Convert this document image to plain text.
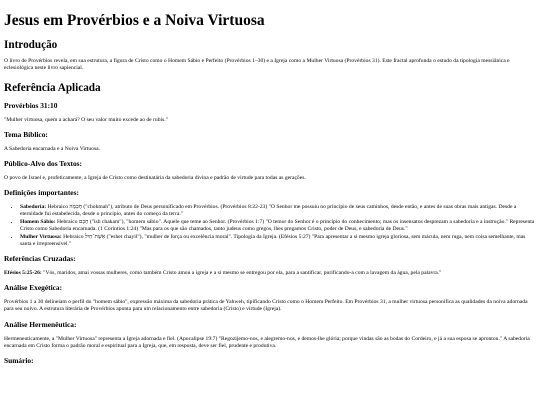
Jesus em Provérbios e a Noiva Virtuosa
Introdução

O livro de Provérbios revela, em sua estrutura, a figura de Cristo como o Homem Sábio e Perfeito (Provérbios 1–30) e a Igreja como a Mulher Virtuosa (Provérbios 31). Este fractal aprofunda o estudo da tipologia messiânica e eclesiológica neste livro sapiencial.

Referência Aplicada
Provérbios 31:10

"Mulher virtuosa, quem a achará? O seu valor muito excede ao de rubis."

Tema Bíblico:

A Sabedoria encarnada e a Noiva Virtuosa.

Público-Alvo dos Textos:

O povo de Israel e, profeticamente, a Igreja de Cristo como destinatária da sabedoria divina e padrão de virtude para todas as gerações.

Definições importantes:
• Sabedoria: Hebraico חָכְמָה ("chokmah"), atributo de Deus personificado em Provérbios. (Provérbios 8:22-23) "O Senhor me possuiu no princípio de seus caminhos, desde então, e antes de suas obras mais antigas. Desde a eternidade fui estabelecida, desde o princípio, antes do começo da terra."
• Homem Sábio: Hebraico חָכָם ("ish chakam"), "homem sábio". Aquele que teme ao Senhor. (Provérbios 1:7) "O temor do Senhor é o princípio do conhecimento; mas os insensatos desprezam a sabedoria e a instrução." Representa Cristo como Sabedoria encarnada. (1 Coríntios 1:24) "Mas para os que são chamados, tanto judeus como gregos, lhes pregamos Cristo, poder de Deus, e sabedoria de Deus."
• Mulher Virtuosa: Hebraico אֵשֶׁת־חַיִל ("eshet chayil"), "mulher de força ou excelência moral". Tipologia da Igreja. (Efésios 5:27) "Para apresentar a si mesmo igreja gloriosa, sem mácula, nem ruga, nem coisa semelhante, mas santa e irrepreensível."
Referências Cruzadas:

Efésios 5:25-26: "Vós, maridos, amai vossas mulheres, como também Cristo amou a igreja e a si mesmo se entregou por ela, para a santificar, purificando-a com a lavagem da água, pela palavra."

Análise Exegética:

Provérbios 1 a 30 delineiam o perfil do "homem sábio", expressão máxima da sabedoria prática de Yahweh, tipificando Cristo como o Homem Perfeito. Em Provérbios 31, a mulher virtuosa personifica as qualidades da noiva adornada para seu noivo. A estrutura literária de Provérbios aponta para um relacionamento entre sabedoria (Cristo) e virtude (Igreja).

Análise Hermenêutica:

Hermeneuticamente, a "Mulher Virtuosa" representa a Igreja adornada e fiel. (Apocalipse 19:7) "Regozijemo-nos, e alegremo-nos, e demos-lhe glória; porque vindas são as bodas do Cordeiro, e já a sua esposa se aprontou." A sabedoria encarnada em Cristo forma o padrão moral e espiritual para a Igreja, que, em resposta, deve ser fiel, prudente e produtiva.

Sumário:
